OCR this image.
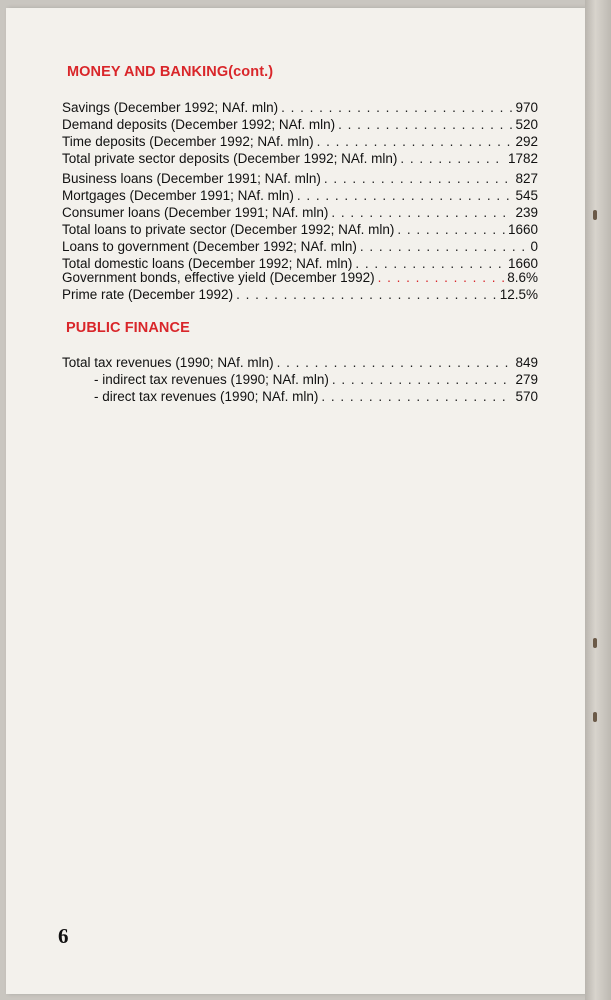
MONEY AND BANKING(cont.)
Savings (December 1992; NAf. mln) . . .	970
Demand deposits (December 1992; NAf. mln) . . .	520
Time deposits (December 1992; NAf. mln) . . .	292
Total private sector deposits (December 1992; NAf. mln) . . .	1782
Business loans (December 1991; NAf. mln) . . .	827
Mortgages (December 1991; NAf. mln) . . .	545
Consumer loans (December 1991; NAf. mln) . . .	239
Total loans to private sector (December 1992; NAf. mln) . . .	1660
Loans to government (December 1992; NAf. mln) . . .	0
Total domestic loans (December 1992; NAf. mln) . . .	1660
Government bonds, effective yield (December 1992) . . .	8.6%
Prime rate (December 1992) . . .	12.5%
PUBLIC FINANCE
Total tax revenues (1990; NAf. mln) . . .	849
- indirect tax revenues (1990; NAf. mln) . . .	279
- direct tax revenues (1990; NAf. mln) . . .	570
6
